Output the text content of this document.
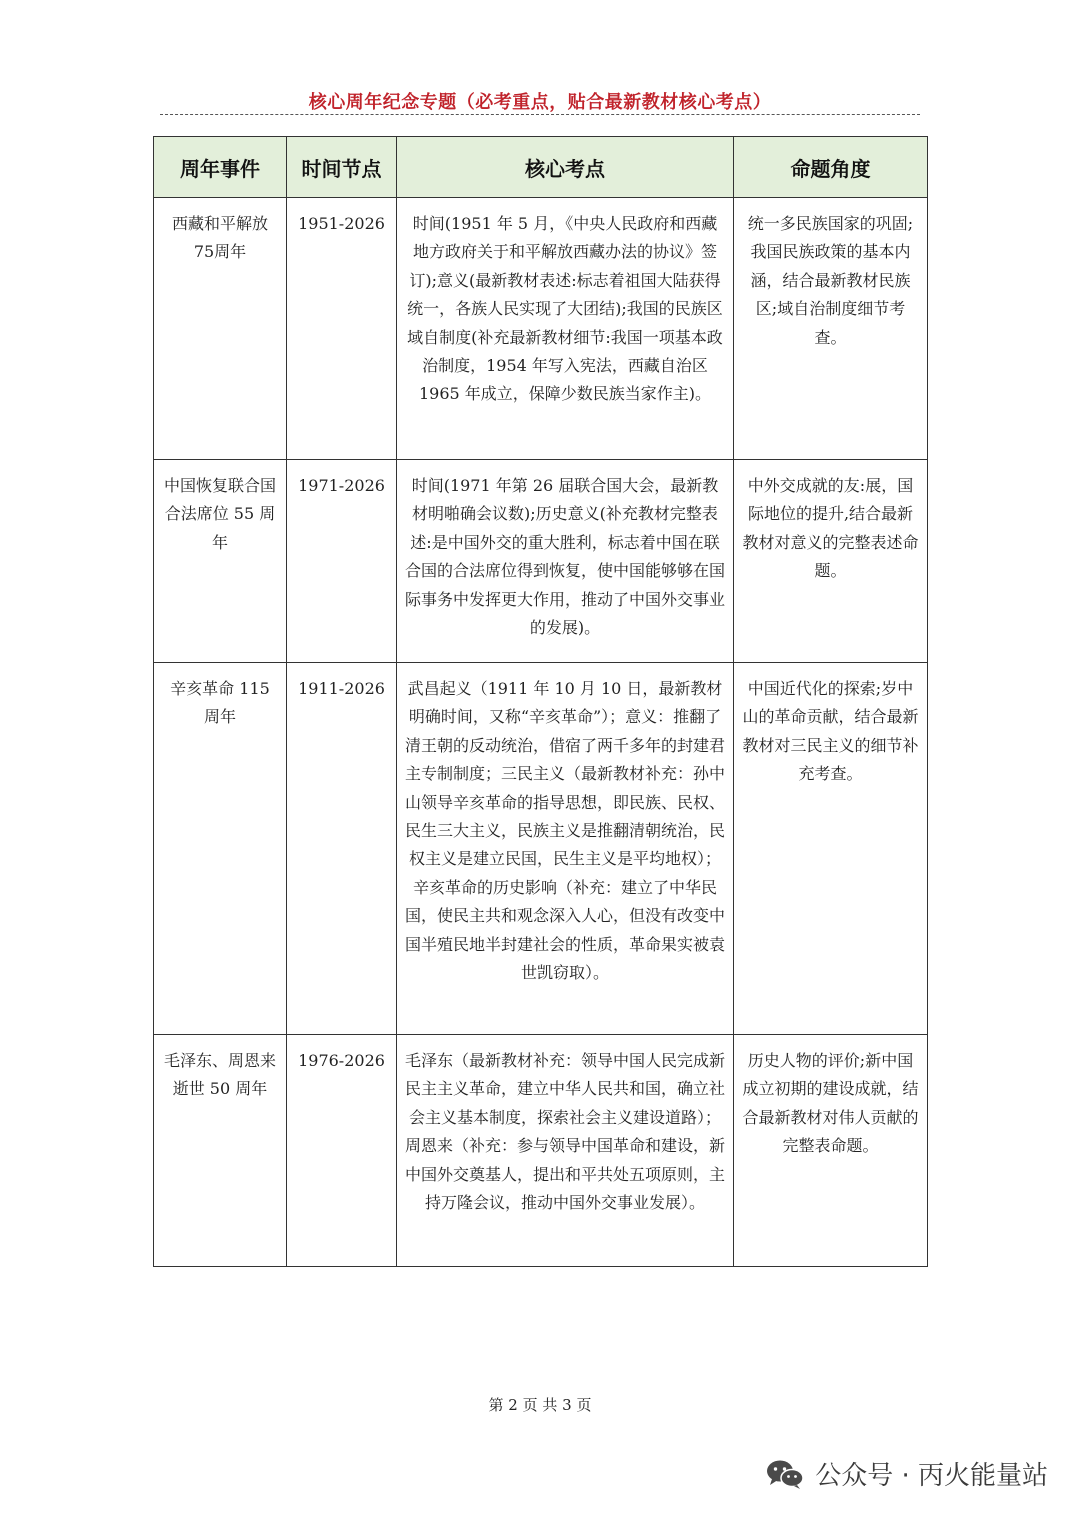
核心周年纪念专题（必考重点，贴合最新教材核心考点）
周年事件	时间节点	核心考点	命题角度
西藏和平解放75周年	1951-2026	时间(1951 年 5 月，《中央人民政府和西藏地方政府关于和平解放西藏办法的协议》签订);意义(最新教材表述:标志着祖国大陆获得统一，各族人民实现了大团结);我国的民族区域自制度(补充最新教材细节:我国一项基本政治制度，1954 年写入宪法，西藏自治区 1965 年成立，保障少数民族当家作主)。	统一多民族国家的巩固;我国民族政策的基本内涵，结合最新教材民族区;域自治制度细节考查。
中国恢复联合国合法席位 55 周年	1971-2026	时间(1971 年第 26 届联合国大会，最新教材明啪确会议数);历史意义(补充教材完整表述:是中国外交的重大胜利，标志着中国在联合国的合法席位得到恢复，使中国能够够在国际事务中发挥更大作用，推动了中国外交事业的发展)。	中外交成就的友:展，国际地位的提升,结合最新教材对意义的完整表述命题。
辛亥革命 115 周年	1911-2026	武昌起义（1911 年 10 月 10 日，最新教材明确时间，又称“辛亥革命”）；意义：推翻了清王朝的反动统治，借宿了两千多年的封建君主专制制度；三民主义（最新教材补充：孙中山领导辛亥革命的指导思想，即民族、民权、民生三大主义，民族主义是推翻清朝统治，民权主义是建立民国，民生主义是平均地权）；辛亥革命的历史影响（补充：建立了中华民国，使民主共和观念深入人心，但没有改变中国半殖民地半封建社会的性质，革命果实被袁世凯窃取）。	中国近代化的探索;岁中山的革命贡献，结合最新教材对三民主义的细节补充考查。
毛泽东、周恩来逝世 50 周年	1976-2026	毛泽东（最新教材补充：领导中国人民完成新民主主义革命，建立中华人民共和国，确立社会主义基本制度，探索社会主义建设道路）；周恩来（补充：参与领导中国革命和建设，新中国外交奠基人，提出和平共处五项原则，主持万隆会议，推动中国外交事业发展）。	历史人物的评价;新中国成立初期的建设成就，结合最新教材对伟人贡献的完整表命题。
第 2 页 共 3 页
公众号 · 丙火能量站
